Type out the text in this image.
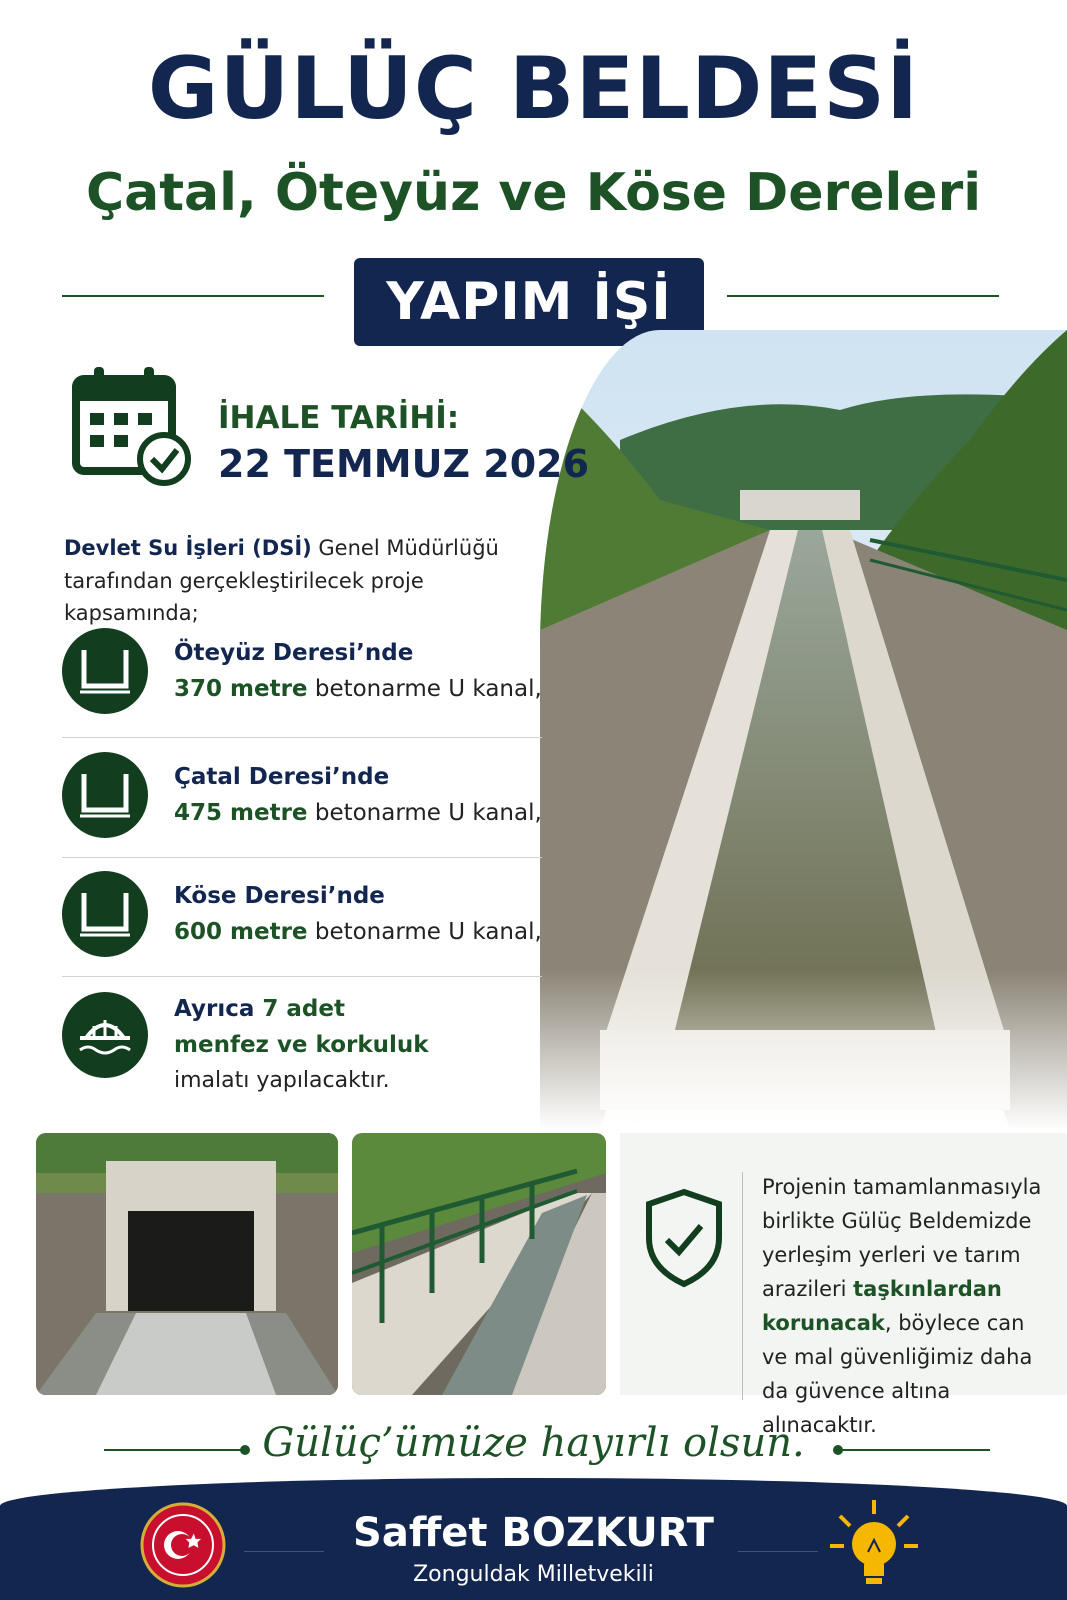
GÜLÜÇ BELDESİ
Çatal, Öteyüz ve Köse Dereleri
YAPIM İŞİ
İHALE TARİHİ:
22 TEMMUZ 2026
Devlet Su İşleri (DSİ) Genel Müdürlüğü
tarafından gerçekleştirilecek proje kapsamında;
Öteyüz Deresi’nde
370 metre betonarme U kanal,
Çatal Deresi’nde
475 metre betonarme U kanal,
Köse Deresi’nde
600 metre betonarme U kanal,
Ayrıca 7 adet
menfez ve korkuluk
imalatı yapılacaktır.
Projenin tamamlanmasıyla
birlikte Gülüç Beldemizde
yerleşim yerleri ve tarım
arazileri taşkınlardan
korunacak, böylece can
ve mal güvenliğimiz daha
da güvence altına alınacaktır.
Gülüç’ümüze hayırlı olsun.
Saffet BOZKURT
Zonguldak Milletvekili
